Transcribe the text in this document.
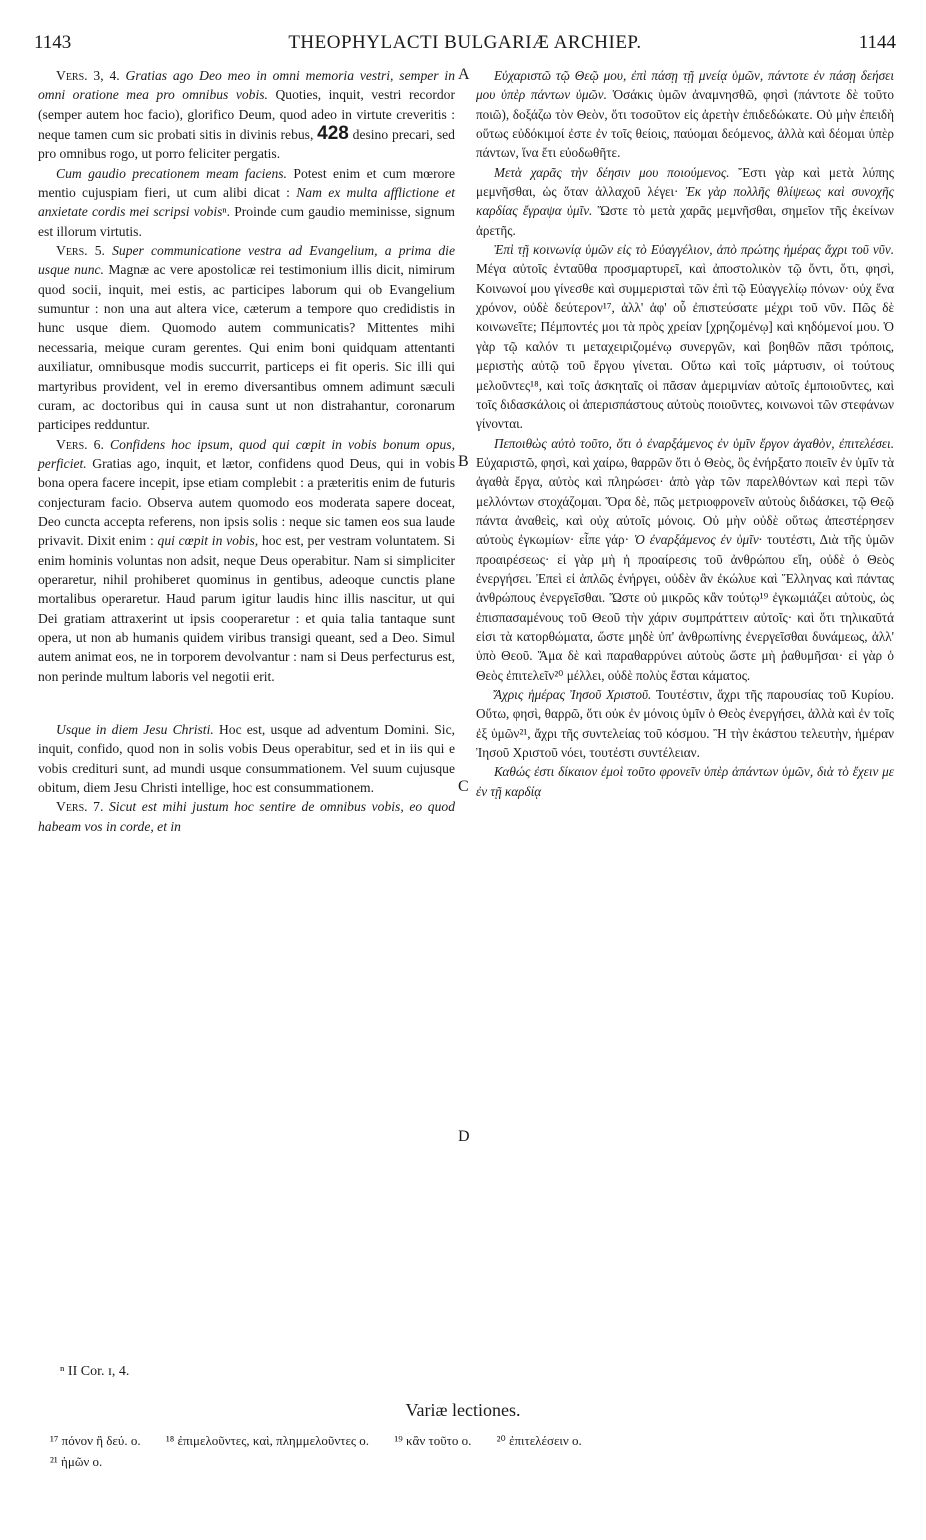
1143	THEOPHYLACTI BULGARIÆ ARCHIEP.	1144

Vers. 3, 4. Gratias ago Deo meo in omni memoria vestri, semper in omni oratione mea pro omnibus vobis. Quoties, inquit, vestri recordor (semper autem hoc facio), glorifico Deum, quod adeo in virtute creveritis : neque tamen cum sic probati sitis in divinis rebus, 428 desino precari, sed pro omnibus rogo, ut porro feliciter pergatis.

Cum gaudio precationem meam faciens. Potest enim et cum mœrore mentio cujuspiam fieri, ut cum alibi dicat : Nam ex multa afflictione et anxietate cordis mei scripsi vobisⁿ. Proinde cum gaudio meminisse, signum est illorum virtutis.

Vers. 5. Super communicatione vestra ad Evangelium, a prima die usque nunc. Magnæ ac vere apostolicæ rei testimonium illis dicit, nimirum quod socii, inquit, mei estis, ac participes laborum qui ob Evangelium sumuntur : non una aut altera vice, cæterum a tempore quo credidistis in hunc usque diem. Quomodo autem communicatis? Mittentes mihi necessaria, meique curam gerentes. Qui enim boni quidquam attentanti auxiliatur, omnibusque modis succurrit, particeps ei fit operis. Sic illi qui martyribus provident, vel in eremo diversantibus omnem adimunt sæculi curam, ac doctoribus qui in causa sunt ut non distrahantur, coronarum participes redduntur.

Vers. 6. Confidens hoc ipsum, quod qui cœpit in vobis bonum opus, perficiet. Gratias ago, inquit, et lætor, confidens quod Deus, qui in vobis bona opera facere incepit, ipse etiam complebit : a præteritis enim de futuris conjecturam facio. Observa autem quomodo eos moderata sapere doceat, Deo cuncta accepta referens, non ipsis solis : neque sic tamen eos sua laude privavit. Dixit enim : qui cœpit in vobis, hoc est, per vestram voluntatem. Si enim hominis voluntas non adsit, neque Deus operabitur. Nam si simpliciter operaretur, nihil prohiberet quominus in gentibus, adeoque cunctis plane mortalibus operaretur. Haud parum igitur laudis hinc illis nascitur, ut qui Dei gratiam attraxerint ut ipsis cooperaretur : et quia talia tantaque sunt opera, ut non ab humanis quidem viribus transigi queant, sed a Deo. Simul autem animat eos, ne in torporem devolvantur : nam si Deus perfecturus est, non perinde multum laboris vel negotii erit.

Usque in diem Jesu Christi. Hoc est, usque ad adventum Domini. Sic, inquit, confido, quod non in solis vobis Deus operabitur, sed et in iis qui e vobis credituri sunt, ad mundi usque consummationem. Vel suum cujusque obitum, diem Jesu Christi intellige, hoc est consummationem.

Vers. 7. Sicut est mihi justum hoc sentire de omnibus vobis, eo quod habeam vos in corde, et in

A
B
C
D

Εὐχαριστῶ τῷ Θεῷ μου, ἐπὶ πάσῃ τῇ μνείᾳ ὑμῶν, πάντοτε ἐν πάσῃ δεήσει μου ὑπὲρ πάντων ὑμῶν. Ὁσάκις ὑμῶν ἀναμνησθῶ, φησὶ (πάντοτε δὲ τοῦτο ποιῶ), δοξάζω τὸν Θεὸν, ὅτι τοσοῦτον εἰς ἀρετὴν ἐπιδεδώκατε. Οὐ μὴν ἐπειδὴ οὕτως εὐδόκιμοί ἐστε ἐν τοῖς θείοις, παύομαι δεόμενος, ἀλλὰ καὶ δέομαι ὑπὲρ πάντων, ἵνα ἔτι εὐοδωθῆτε.

Μετὰ χαρᾶς τὴν δέησιν μου ποιούμενος. Ἔστι γὰρ καὶ μετὰ λύπης μεμνῆσθαι, ὡς ὅταν ἀλλαχοῦ λέγει· Ἐκ γὰρ πολλῆς θλίψεως καὶ συνοχῆς καρδίας ἔγραψα ὑμῖν. Ὥστε τὸ μετὰ χαρᾶς μεμνῆσθαι, σημεῖον τῆς ἐκείνων ἀρετῆς.

Ἐπὶ τῇ κοινωνίᾳ ὑμῶν εἰς τὸ Εὐαγγέλιον, ἀπὸ πρώτης ἡμέρας ἄχρι τοῦ νῦν. Μέγα αὐτοῖς ἐνταῦθα προσμαρτυρεῖ, καὶ ἀποστολικὸν τῷ ὄντι, ὅτι, φησὶ, Κοινωνοί μου γίνεσθε καὶ συμμερισταὶ τῶν ἐπὶ τῷ Εὐαγγελίῳ πόνων· οὐχ ἕνα χρόνον, οὐδὲ δεύτερον¹⁷, ἀλλ' ἀφ' οὗ ἐπιστεύσατε μέχρι τοῦ νῦν. Πῶς δὲ κοινωνεῖτε; Πέμποντές μοι τὰ πρὸς χρείαν [χρηζομένῳ] καὶ κηδόμενοί μου. Ὁ γὰρ τῷ καλόν τι μεταχειριζομένῳ συνεργῶν, καὶ βοηθῶν πᾶσι τρόποις, μεριστὴς αὐτῷ τοῦ ἔργου γίνεται. Οὕτω καὶ τοῖς μάρτυσιν, οἱ τούτους μελοῦντες¹⁸, καὶ τοῖς ἀσκηταῖς οἱ πᾶσαν ἀμεριμνίαν αὐτοῖς ἐμποιοῦντες, καὶ τοῖς διδασκάλοις οἱ ἀπερισπάστους αὐτοὺς ποιοῦντες, κοινωνοὶ τῶν στεφάνων γίνονται.

Πεποιθὼς αὐτὸ τοῦτο, ὅτι ὁ ἐναρξάμενος ἐν ὑμῖν ἔργον ἀγαθὸν, ἐπιτελέσει. Εὐχαριστῶ, φησὶ, καὶ χαίρω, θαρρῶν ὅτι ὁ Θεὸς, ὃς ἐνήρξατο ποιεῖν ἐν ὑμῖν τὰ ἀγαθὰ ἔργα, αὐτὸς καὶ πληρώσει· ἀπὸ γὰρ τῶν παρελθόντων καὶ περὶ τῶν μελλόντων στοχάζομαι. Ὅρα δὲ, πῶς μετριοφρονεῖν αὐτοὺς διδάσκει, τῷ Θεῷ πάντα ἀναθεὶς, καὶ οὐχ αὐτοῖς μόνοις. Οὐ μὴν οὐδὲ οὕτως ἀπεστέρησεν αὐτοὺς ἐγκωμίων· εἶπε γάρ· Ὁ ἐναρξάμενος ἐν ὑμῖν· τουτέστι, Διὰ τῆς ὑμῶν προαιρέσεως· εἰ γὰρ μὴ ἡ προαίρεσις τοῦ ἀνθρώπου εἴη, οὐδὲ ὁ Θεὸς ἐνεργήσει. Ἐπεὶ εἰ ἁπλῶς ἐνήργει, οὐδὲν ἂν ἐκώλυε καὶ Ἕλληνας καὶ πάντας ἀνθρώπους ἐνεργεῖσθαι. Ὥστε οὐ μικρῶς κἂν τούτῳ¹⁹ ἐγκωμιάζει αὐτοὺς, ὡς ἐπισπασαμένους τοῦ Θεοῦ τὴν χάριν συμπράττειν αὐτοῖς· καὶ ὅτι τηλικαῦτά εἰσι τὰ κατορθώματα, ὥστε μηδὲ ὑπ' ἀνθρωπίνης ἐνεργεῖσθαι δυνάμεως, ἀλλ' ὑπὸ Θεοῦ. Ἅμα δὲ καὶ παραθαρρύνει αὐτοὺς ὥστε μὴ ῥαθυμῆσαι· εἰ γὰρ ὁ Θεὸς ἐπιτελεῖν²⁰ μέλλει, οὐδὲ πολὺς ἔσται κάματος.

Ἄχρις ἡμέρας Ἰησοῦ Χριστοῦ. Τουτέστιν, ἄχρι τῆς παρουσίας τοῦ Κυρίου. Οὕτω, φησὶ, θαρρῶ, ὅτι οὐκ ἐν μόνοις ὑμῖν ὁ Θεὸς ἐνεργήσει, ἀλλὰ καὶ ἐν τοῖς ἐξ ὑμῶν²¹, ἄχρι τῆς συντελείας τοῦ κόσμου. Ἢ τὴν ἑκάστου τελευτὴν, ἡμέραν Ἰησοῦ Χριστοῦ νόει, τουτέστι συντέλειαν.

Καθώς ἐστι δίκαιον ἐμοὶ τοῦτο φρονεῖν ὑπὲρ ἁπάντων ὑμῶν, διὰ τὸ ἔχειν με ἐν τῇ καρδίᾳ

ⁿ II Cor. ɪ, 4.
Variæ lectiones.
¹⁷ πόνον ἢ δεύ. ο. ¹⁸ ἐπιμελοῦντες, καὶ, πλημμελοῦντες ο. ¹⁹ κἂν τοῦτο ο. ²⁰ ἐπιτελέσειν ο.
²¹ ἡμῶν ο.
